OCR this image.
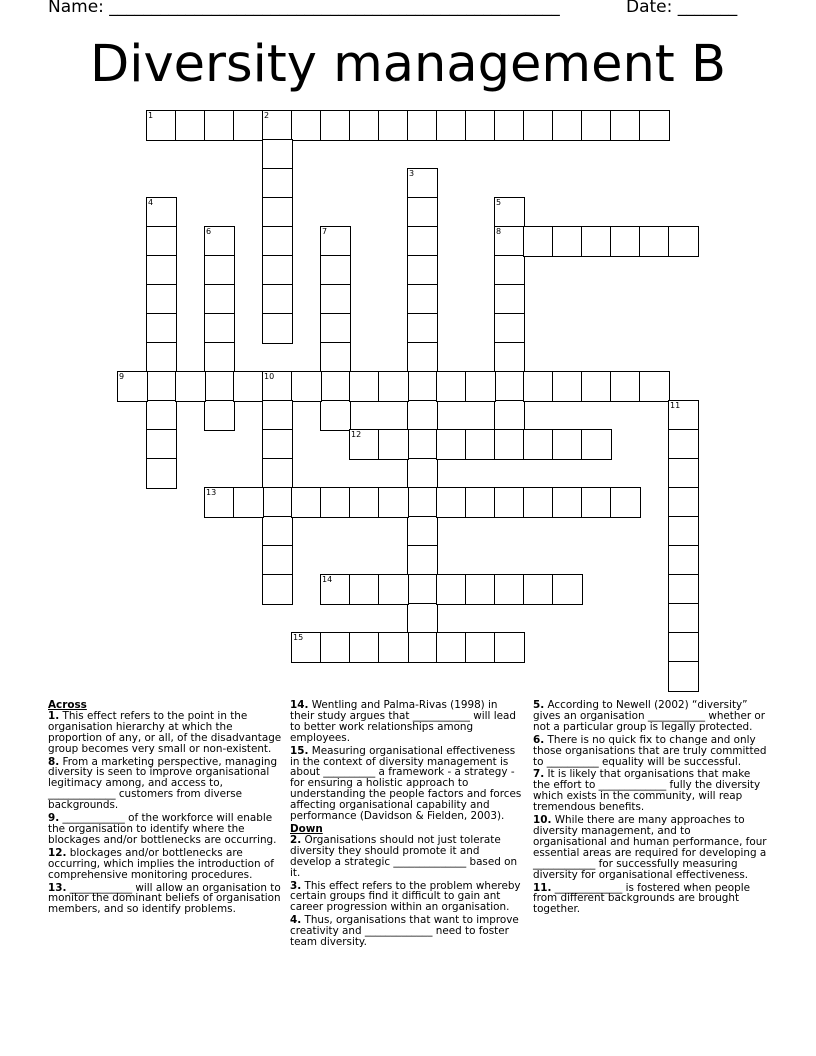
Name: _____________________________________________________	Date: _______
Diversity management B
1	2
3
4	5
8
6	7
9	10
11
12
13
14
15
Across
1. This effect refers to the point in the organisation hierarchy at which the proportion of any, or all, of the disadvantage group becomes very small or non-existent.
8. From a marketing perspective, managing diversity is seen to improve organisational legitimacy among, and access to, _____________ customers from diverse backgrounds.
9. ____________ of the workforce will enable the organisation to identify where the blockages and/or bottlenecks are occurring.
12. blockages and/or bottlenecks are occurring, which implies the introduction of comprehensive monitoring procedures.
13. ____________ will allow an organisation to monitor the dominant beliefs of organisation members, and so identify problems.
14. Wentling and Palma-Rivas (1998) in their study argues that ___________ will lead to better work relationships among employees.
15. Measuring organisational effectiveness in the context of diversity management is about __________ a framework - a strategy - for ensuring a holistic approach to understanding the people factors and forces affecting organisational capability and performance (Davidson & Fielden, 2003).
Down
2. Organisations should not just tolerate diversity they should promote it and develop a strategic ______________ based on it.
3. This effect refers to the problem whereby certain groups find it difficult to gain ant career progression within an organisation.
4. Thus, organisations that want to improve creativity and _____________ need to foster team diversity.
5. According to Newell (2002) “diversity” gives an organisation ___________ whether or not a particular group is legally protected.
6. There is no quick fix to change and only those organisations that are truly committed to __________ equality will be successful.
7. It is likely that organisations that make the effort to _____________ fully the diversity which exists in the community, will reap tremendous benefits.
10. While there are many approaches to diversity management, and to organisational and human performance, four essential areas are required for developing a ____________ for successfully measuring diversity for organisational effectiveness.
11. _____________ is fostered when people from different backgrounds are brought together.
